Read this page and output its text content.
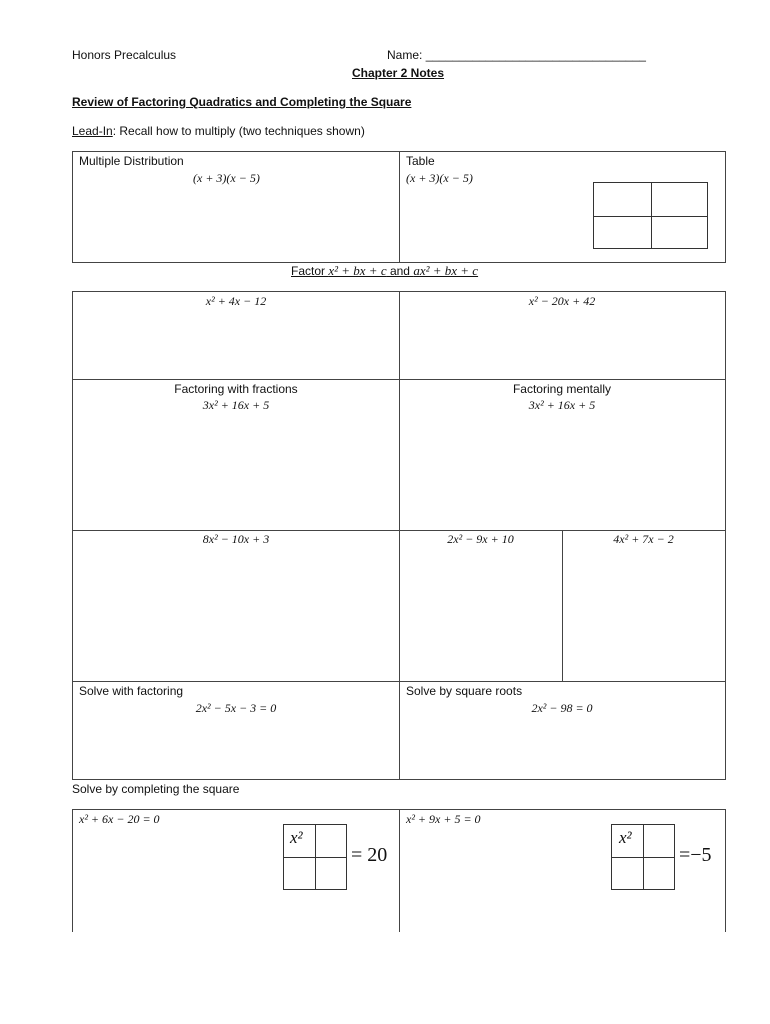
Honors Precalculus	Name: _________________________________
Chapter 2 Notes
Review of Factoring Quadratics and Completing the Square
Lead-In: Recall how to multiply (two techniques shown)
Multiple Distribution
(x + 3)(x − 5)
Table
(x + 3)(x − 5)
Factor x² + bx + c and ax² + bx + c
x² + 4x − 12	x² − 20x + 42
Factoring with fractions
3x² + 16x + 5
Factoring mentally
3x² + 16x + 5
8x² − 10x + 3	2x² − 9x + 10	4x² + 7x − 2
Solve with factoring
2x² − 5x − 3 = 0
Solve by square roots
2x² − 98 = 0
Solve by completing the square
x² + 6x − 20 = 0
x²
= 20
x² + 9x + 5 = 0
x²
=−5
